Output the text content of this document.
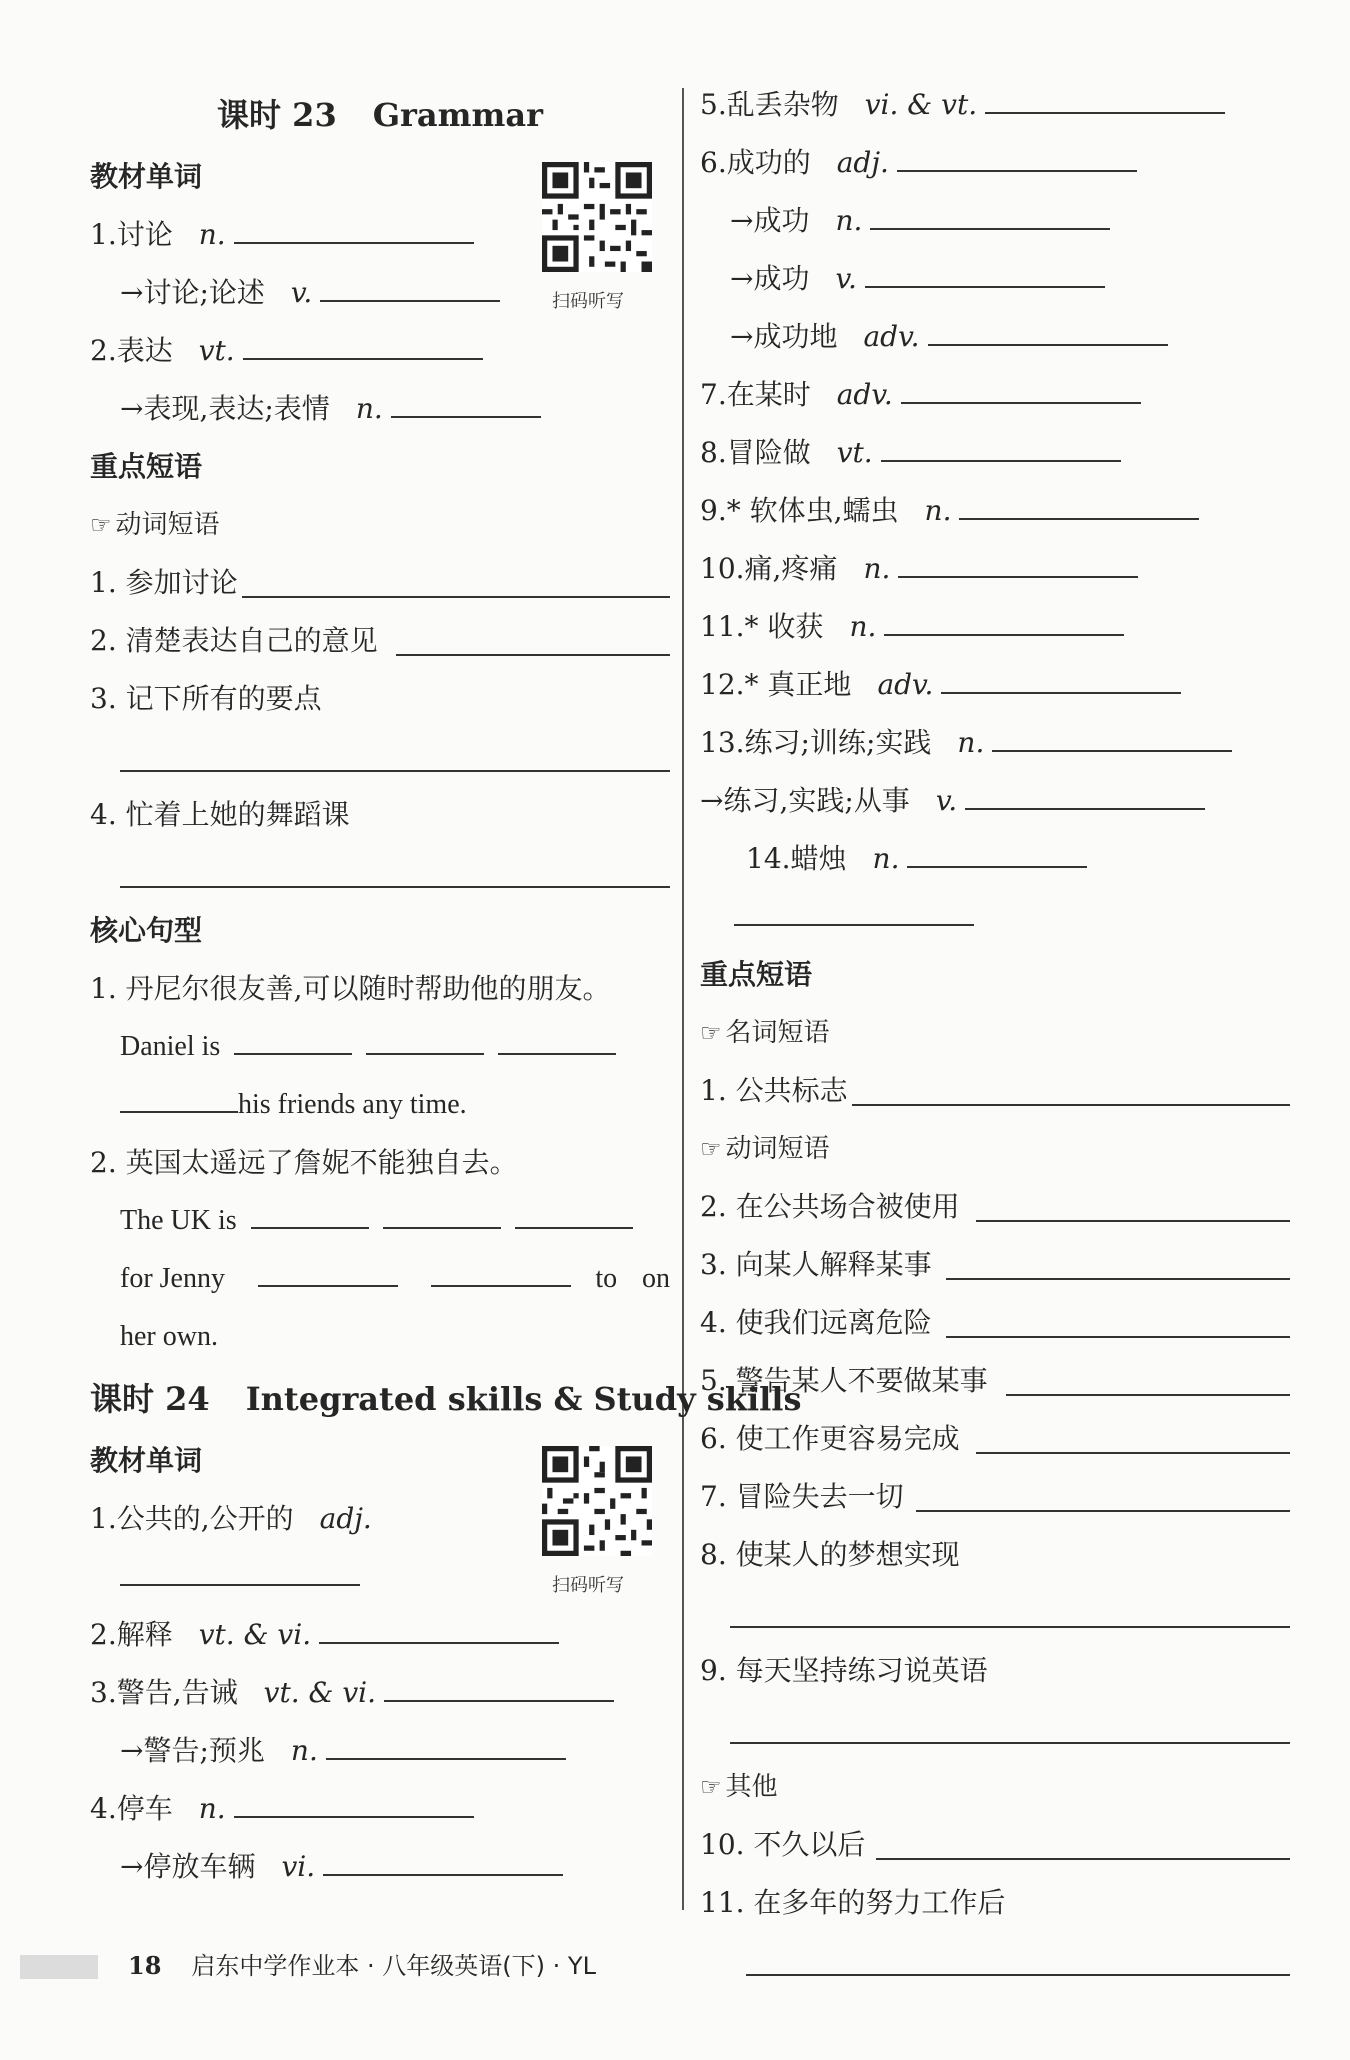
课时 23 Grammar
教材单词
扫码听写
1.讨论 n.
→讨论;论述 v.
2.表达 vt.
→表现,表达;表情 n.
重点短语
☞ 动词短语
1. 参加讨论
2. 清楚表达自己的意见
3. 记下所有的要点
4. 忙着上她的舞蹈课
核心句型
1. 丹尼尔很友善,可以随时帮助他的朋友。
Daniel is
his friends any time.
2. 英国太遥远了詹妮不能独自去。
The UK is
for Jenny	to on
her own.
课时 24 Integrated skills & Study skills
教材单词
扫码听写
1.公共的,公开的 adj.
2.解释 vt. & vi.
3.警告,告诫 vt. & vi.
→警告;预兆 n.
4.停车 n.
→停放车辆 vi.
5.乱丢杂物 vi. & vt.
6.成功的 adj.
→成功 n.
→成功 v.
→成功地 adv.
7.在某时 adv.
8.冒险做 vt.
9.* 软体虫,蠕虫 n.
10.痛,疼痛 n.
11.* 收获 n.
12.* 真正地 adv.
13.练习;训练;实践 n.
→练习,实践;从事 v.
14.蜡烛 n.
重点短语
☞ 名词短语
1. 公共标志
☞ 动词短语
2. 在公共场合被使用
3. 向某人解释某事
4. 使我们远离危险
5. 警告某人不要做某事
6. 使工作更容易完成
7. 冒险失去一切
8. 使某人的梦想实现
9. 每天坚持练习说英语
☞ 其他
10. 不久以后
11. 在多年的努力工作后
18 启东中学作业本 · 八年级英语(下) · YL
